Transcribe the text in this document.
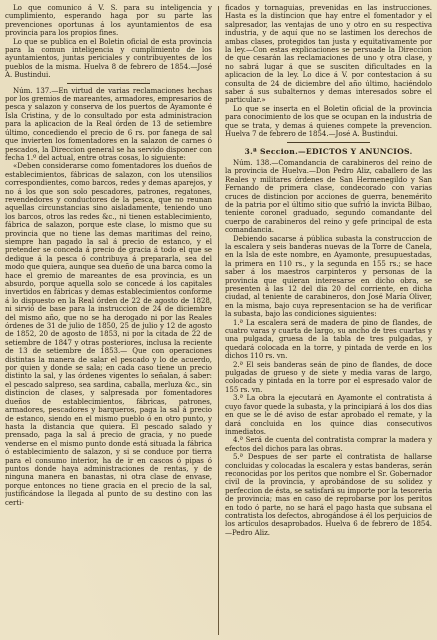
Lo que comunico á V. S. para su inteligencia y cumplimiento, esperando haga por su parte las prevenciones oportunas á los ayuntamientos de esa provincia para los propios fines.

Lo que se publica en el Boletin oficial de esta provincia para la comun inteligencia y cumplimiento de los ayuntamientos, juntas periciales y contribuyentes de los pueblos de la misma. Huelva 8 de febrero de 1854.—José A. Bustindui.

Núm. 137.—En virtud de varias reclamaciones hechas por los gremios de mareantes, armadores, empresarios de pesca y salazon y conserva de los puertos de Ayamonte é Isla Cristina, y de lo consultado por esta administracion para la aplicacion de la Real órden de 13 de setiembre último, concediendo el precio de 6 rs. por fanega de sal que invierten los fomentadores en la salazon de carnes ó pescados, la Direccion general se ha servido disponer con fecha 1.º del actual, entre otras cosas, lo siguiente:

«Deben considerarse como fomentadores los dueños de establecimientos, fábricas de salazon, con los utensilios correspondientes, como barcos, redes y demas aparejos, y no á los que son solo pescadores, patrones, regatones, revendedores y conductores de la pesca, que no reunan aquellas circunstancias sino aisladamente, teniendo uno los barcos, otros las redes &c., ni tienen establecimiento, fábrica de salazon, porque este clase, lo mismo que su provincia que no tiene las demas maritimas del reino, siempre han pagado la sal á precio de estanco, y el pretender se conceda á precio de gracia á todo el que se dedique á la pesca ó contribuya á prepararla, sea del modo que quiera, aunque sea dueño de una barca como la hace el gremio de mareantes de esa provincia, es un absurdo, porque aquella solo se concede á los capitales invertidos en fábricas y demas establecimientos conforme á lo dispuesto en la Real órden de 22 de agosto de 1828, ni sirvió de base para la instruccion de 24 de diciembre del mismo año, que no se ha derogado ni por las Reales órdenes de 31 de julio de 1850, 25 de julio y 12 de agosto de 1852, 20 de agosto de 1853, ni por la citada de 22 de setiembre de 1847 y otras posteriores, inclusa la reciente de 13 de setiembre de 1853.— Que con operaciones distintas la manera de salar el pescado y lo de acuerdo, por quien y donde se sala; en cada caso tiene un precio distinto la sal, y las órdenes vigentes lo señalan, á saber: el pescado salpreso, sea sardina, caballa, merluza &c., sin distincion de clases, y salpresada por fomentadores dueños de establecimientos, fábricas, patrones, armadores, pescadores y barqueros, paga la sal á precio de estanco, siendo en el mismo pueblo ó en otro punto, y hasta la distancia que quiera. El pescado salado y prensado, paga la sal á precio de gracia, y no puede venderse en el mismo punto donde está situada la fábrica ó establecimiento de salazon, y si se conduce por tierra para el consumo interior, ha de ir en cascos ó pipas ó puntos donde haya administraciones de rentas, y de ninguna manera en banastas, ni otra clase de envase, porque entonces no tiene gracia en el precio de la sal, justificándose la llegada al punto de su destino con las certi-

ficados y tornaguias, prevenidas en las instrucciones. Hasta es la distincion que hay entre el fomentador y el salpresador, las ventajas de uno y otro en su respectiva industria, y de aquí que no se lastimen los derechos de ambas clases, protegidos tan justa y equitativamente por la ley.—Con estas explicaciones se persuade la Direccion de que cesarán las reclamaciones de uno y otra clase, y no sabrá lugar á que se susciten dificultades en la aplicacion de la ley. Lo dice á V. por contestacion á su consulta de 24 de diciembre del año último, haciéndolo saber á sus subalternos y demas interesados sobre el particular.»

Lo que se inserta en el Boletin oficial de la provincia para conocimiento de los que se ocupan en la industria de que se trata, y demas á quienes compete la prevencion. Huelva 7 de febrero de 1854.—José A. Bustindui.

3.ª Seccion.—EDICTOS Y ANUNCIOS.

Núm. 138.—Comandancia de carabineros del reino de la provincia de Huelva.—Don Pedro Aliz, caballero de las Reales y militares órdenes de San Hermenegildo y San Fernando de primera clase, condecorado con varias cruces de distincion por acciones de guerra, benemérito de la patria por el último sitio que sufrió la invicta Bilbao, teniente coronel graduado, segundo comandante del cuerpo de carabineros del reino y gefe principal de esta comandancia.

Debiendo sacarse á pública subasta la construccion de la escalera y seis banderas nuevas de la Torre de Canela, en la Isla de este nombre, en Ayamonte, presupuestadas, la primera en 110 rs., y la segunda en 155 rs.; se hace saber á los maestros carpinteros y personas de la provincia que quieran interesarse en dicho obra, se presenten á las 12 del dia 20 del corriente, en dicha ciudad, al teniente de carabineros, don José María Oliver, en la misma, bajo cuya representacion se ha de verificar la subasta, bajo las condiciones siguientes:

1.ª La escalera será de madera de pino de flandes, de cuatro varas y cuarta de largo, su ancho de tres cuartas y una pulgada, gruesa de la tabla de tres pulgadas, y quedará colocada en la torre, y pintada de verde en los dichos 110 rs. vn.

2.ª El seis banderas seán de pino de flandes, de doce pulgadas de grueso y de siete y media varas de largo, colocada y pintada en la torre por el espresado valor de 155 rs. vn.

3.ª La obra la ejecutará en Ayamonte el contratista á cuyo favor quede la subasta, y la principiará á los dos dias en que se le dé aviso de estar aprobado el remate, y la dará concluida en los quince dias consecutivos inmediatos.

4.ª Será de cuenta del contratista comprar la madera y efectos del dichos para las obras.

5.ª Despues de ser parte el contratista de hallarse concluidas y colocadas la escalera y estas banderas, serán reconocidas por los peritos que nombre el Sr. Gobernador civil de la provincia, y aprobándose de su solidez y perfeccion de ésta, se satisfará su importe por la tesoreria de provincia; mas en caso de reprobarse por los peritos en todo ó parte, no se hará el pago hasta que subsana el contratista los defectos, abrogándose á él los perjuicios de los artículos desaprobados. Huelva 6 de febrero de 1854.—Pedro Aliz.
